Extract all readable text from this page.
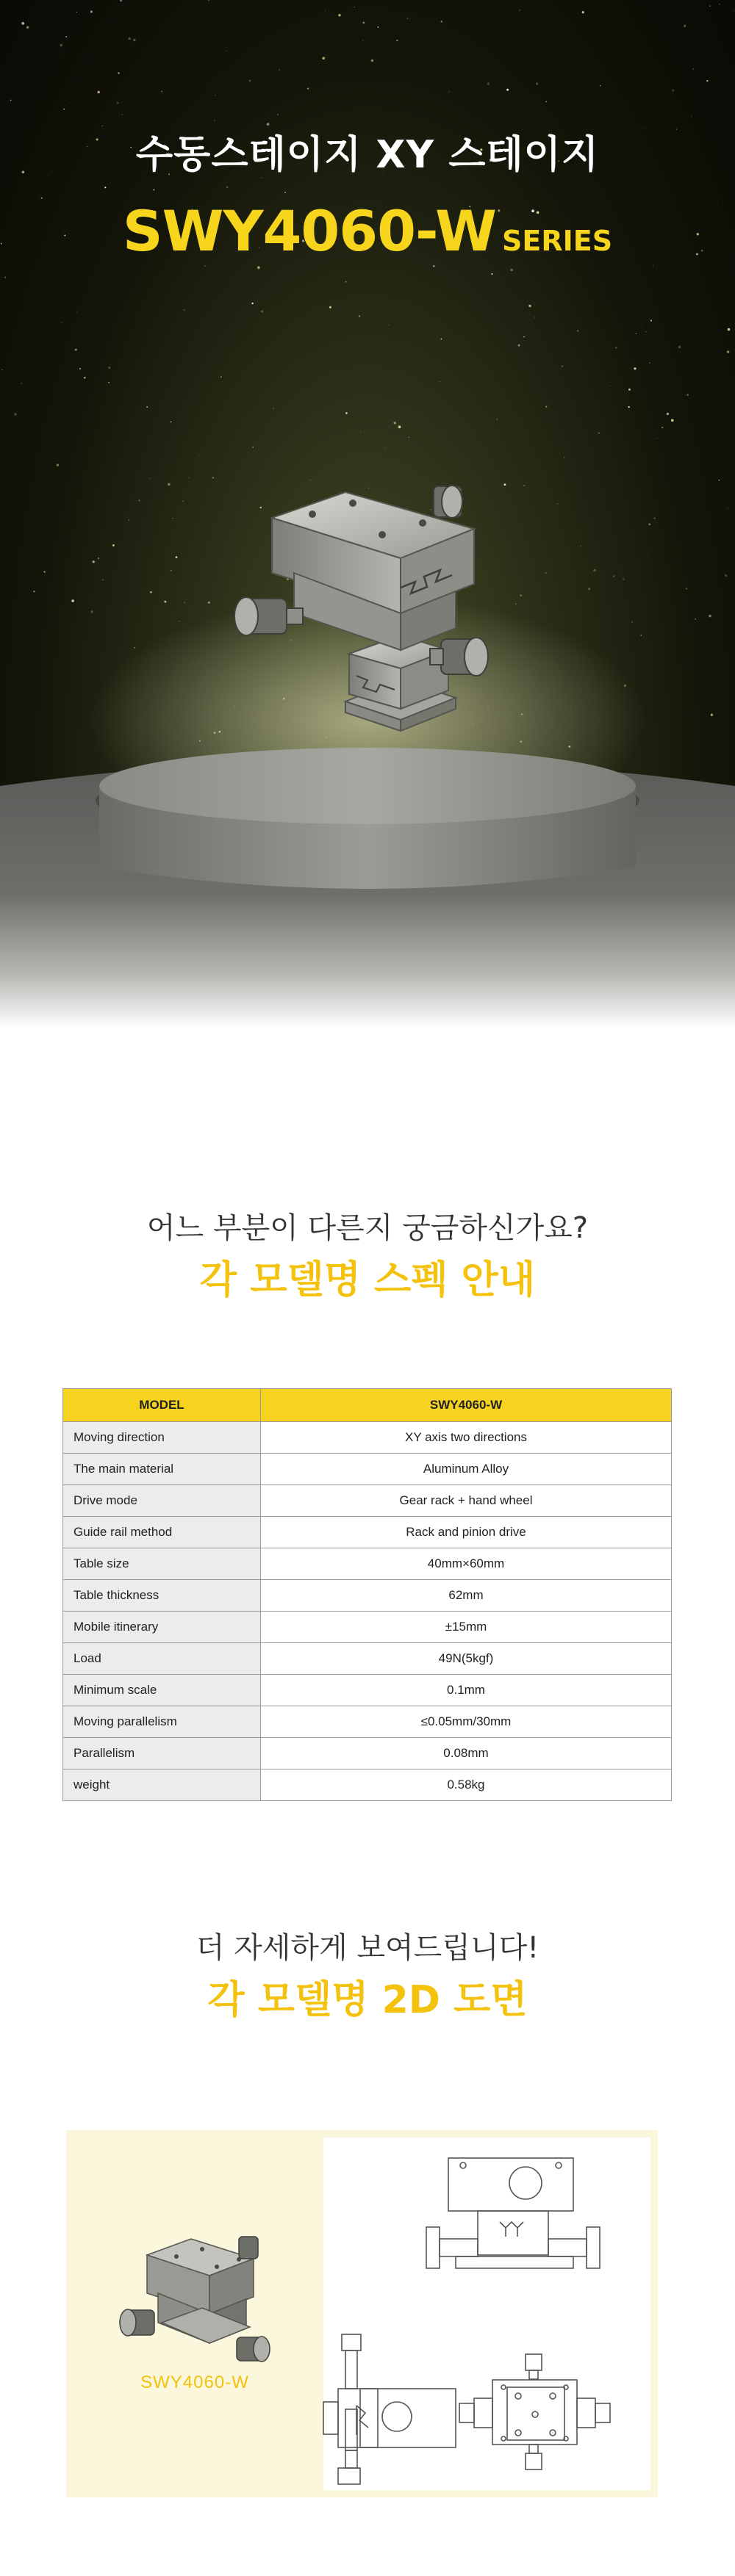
수동스테이지 XY 스테이지
SWY4060-W SERIES
어느 부분이 다른지 궁금하신가요?
각 모델명 스펙 안내
MODEL	SWY4060-W
Moving direction	XY axis two directions
The main material	Aluminum Alloy
Drive mode	Gear rack + hand wheel
Guide rail method	Rack and pinion drive
Table size	40mm×60mm
Table thickness	62mm
Mobile itinerary	±15mm
Load	49N(5kgf)
Minimum scale	0.1mm
Moving parallelism	≤0.05mm/30mm
Parallelism	0.08mm
weight	0.58kg
더 자세하게 보여드립니다!
각 모델명 2D 도면
SWY4060-W
